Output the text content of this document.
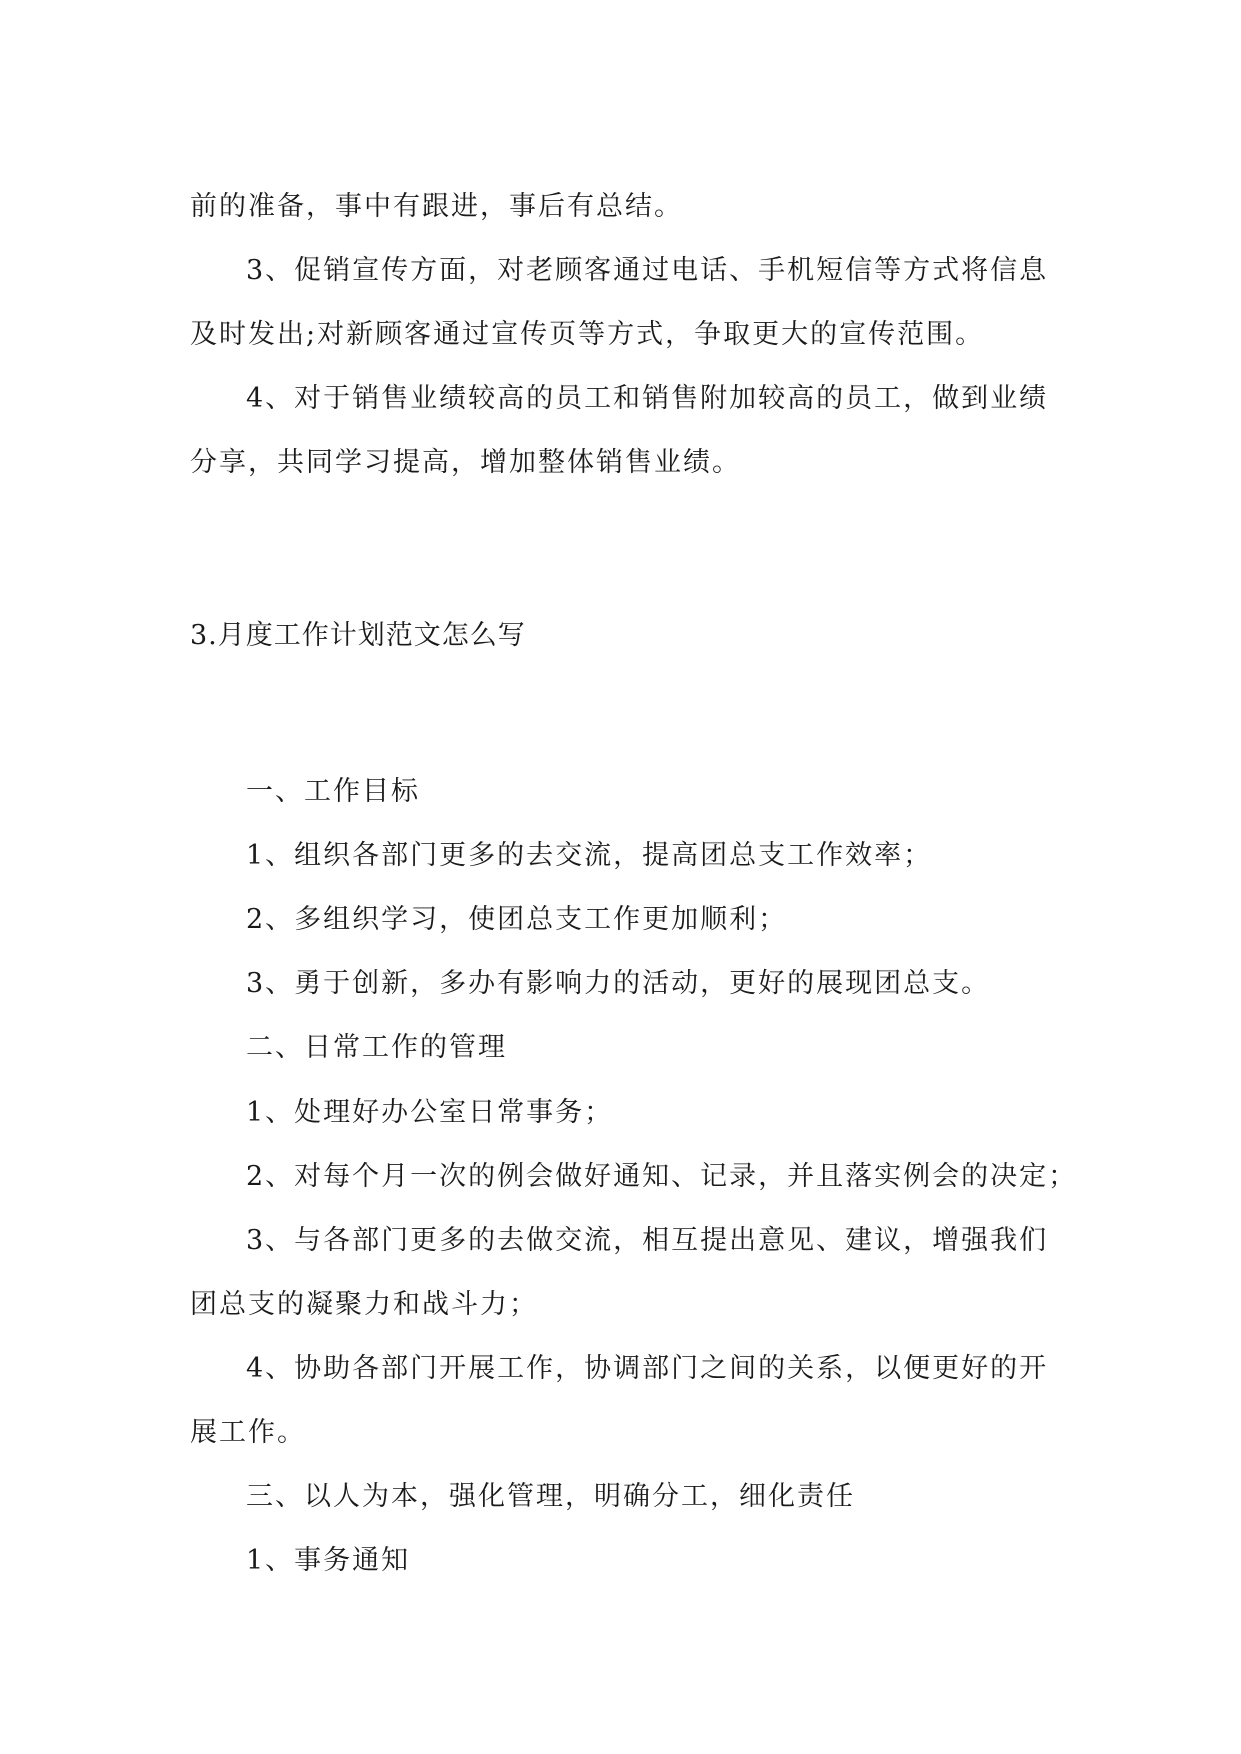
前的准备，事中有跟进，事后有总结。

3、促销宣传方面，对老顾客通过电话、手机短信等方式将信息

及时发出;对新顾客通过宣传页等方式，争取更大的宣传范围。

4、对于销售业绩较高的员工和销售附加较高的员工，做到业绩

分享，共同学习提高，增加整体销售业绩。

3.月度工作计划范文怎么写

一、工作目标

1、组织各部门更多的去交流，提高团总支工作效率；

2、多组织学习，使团总支工作更加顺利；

3、勇于创新，多办有影响力的活动，更好的展现团总支。

二、日常工作的管理

1、处理好办公室日常事务；

2、对每个月一次的例会做好通知、记录，并且落实例会的决定；

3、与各部门更多的去做交流，相互提出意见、建议，增强我们

团总支的凝聚力和战斗力；

4、协助各部门开展工作，协调部门之间的关系，以便更好的开

展工作。

三、以人为本，强化管理，明确分工，细化责任

1、事务通知
